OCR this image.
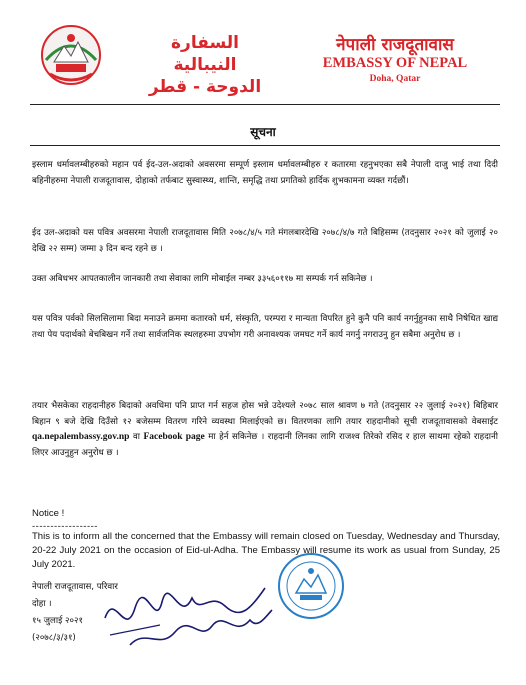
السفارة النيبالية
الدوحة - قطر
नेपाली राजदूतावास
EMBASSY OF NEPAL
Doha, Qatar
सूचना
इस्लाम धर्मावलम्बीहरुको महान पर्व ईद-उल-अदाको अवसरमा सम्पूर्ण इस्लाम धर्मावलम्बीहरु र कतारमा रहनुभएका सबै नेपाली दाजु भाई तथा दिदी बहिनीहरुमा नेपाली राजदूतावास, दोहाको तर्फबाट सुस्वास्थ्य, शान्ति, समृद्धि तथा प्रगतिको हार्दिक शुभकामना व्यक्त गर्दछौं।
ईद उल-अदाको यस पवित्र अवसरमा नेपाली राजदूतावास मिति २०७८/४/५ गते मंगलबारदेखि २०७८/४/७ गते बिहिसम्म (तदनुसार २०२१ को जुलाई २० देखि २२ सम्म) जम्मा ३ दिन बन्द रहने छ ।
उक्त अबिधभर आपतकालीन जानकारी तथा सेवाका लागि मोबाईल नम्बर ३३५६०११७ मा सम्पर्क गर्न सकिनेछ ।
यस पवित्र पर्वको सिलसिलामा बिदा मनाउने क्रममा कतारको धर्म, संस्कृति, परम्परा र मान्यता विपरित हुने कुनै पनि कार्य नगर्नुहुनका साथै निषेधित खाद्य तथा पेय पदार्थको बेचबिखन गर्ने तथा सार्वजनिक स्थलहरुमा उपभोग गरी अनावश्यक जमघट गर्ने कार्य नगर्नु नगराउनु हुन सबैमा अनुरोध छ ।
तयार भैसकेका राहदानीहरु बिदाको अवधिमा पनि प्राप्त गर्न सहज होस भन्ने उदेश्यले २०७८ साल श्रावण ७ गते (तदनुसार २२ जुलाई २०२१) बिहिबार बिहान ९ बजे देखि दिउँसो १२ बजेसम्म वितरण गरिने व्यवस्था मिलाईएको छ। वितरणका लागि तयार राहदानीको सूची राजदूतावासको वेबसाईट qa.nepalembassy.gov.np वा Facebook page मा हेर्न सकिनेछ । राहदानी लिनका लागि राजश्व तिरेको रसिद र हाल साथमा रहेको राहदानी लिएर आउनुहुन अनुरोध छ ।
Notice !
------------------
This is to inform all the concerned that the Embassy will remain closed on Tuesday, Wednesday and Thursday, 20-22 July 2021 on the occasion of Eid-ul-Adha. The Embassy will resume its work as usual from Sunday, 25 July 2021.
नेपाली राजदूतावास, परिवार
दोहा ।
१५ जुलाई २०२१
(२०७८/३/३१)
